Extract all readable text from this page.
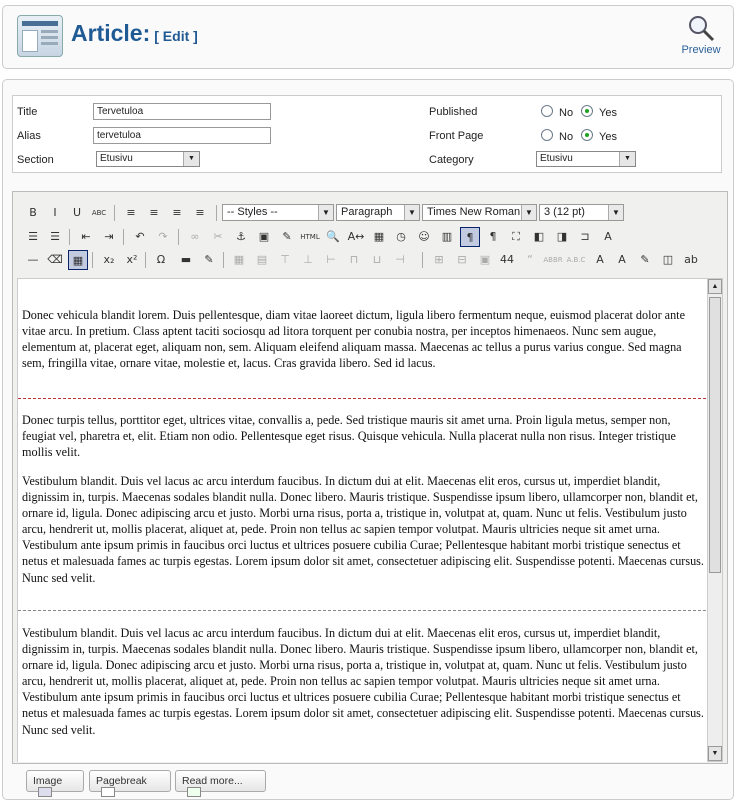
Article: [ Edit ]
Preview
Title
Tervetuloa
Alias
tervetuloa
Section	Etusivu	▼
Published	No Yes
Front Page	No Yes
Category	Etusivu	▼
-- Styles --	▼	Paragraph	▼	Times New Roman ▼	3 (12 pt)	▼
B	I	U	ABC	≡	≡	≡	≡
☰	☰	⇤	⇥	↶	↷	∞	✂	⚓	▣	✎	HTML 🔍 A↔ ▦	◷	☺	▥	¶	¶	⛶	◧	◨	⊐	A
— ⌫ ▦	x₂	x²	Ω	▬	✎	▦	▤	⊤	⊥	⊢	⊓	⊔	⊣	⊞	⊟	▣ 44	“	ABBR A.B.C A	A	✎	◫ ab

Donec vehicula blandit lorem. Duis pellentesque, diam vitae laoreet dictum, ligula libero fermentum neque, euismod placerat dolor ante vitae arcu. In pretium. Class aptent taciti sociosqu ad litora torquent per conubia nostra, per inceptos himenaeos. Nunc sem augue, elementum at, placerat eget, aliquam non, sem. Aliquam eleifend aliquam massa. Maecenas ac tellus a purus varius congue. Sed magna sem, fringilla vitae, ornare vitae, molestie et, lacus. Cras gravida libero. Sed id lacus.

Donec turpis tellus, porttitor eget, ultrices vitae, convallis a, pede. Sed tristique mauris sit amet urna. Proin ligula metus, semper non, feugiat vel, pharetra et, elit. Etiam non odio. Pellentesque eget risus. Quisque vehicula. Nulla placerat nulla non risus. Integer tristique mollis velit.

Vestibulum blandit. Duis vel lacus ac arcu interdum faucibus. In dictum dui at elit. Maecenas elit eros, cursus ut, imperdiet blandit, dignissim in, turpis. Maecenas sodales blandit nulla. Donec libero. Mauris tristique. Suspendisse ipsum libero, ullamcorper non, blandit et, ornare id, ligula. Donec adipiscing arcu et justo. Morbi urna risus, porta a, tristique in, volutpat at, quam. Nunc ut felis. Vestibulum justo arcu, hendrerit ut, mollis placerat, aliquet at, pede. Proin non tellus ac sapien tempor volutpat. Mauris ultricies neque sit amet urna. Vestibulum ante ipsum primis in faucibus orci luctus et ultrices posuere cubilia Curae; Pellentesque habitant morbi tristique senectus et netus et malesuada fames ac turpis egestas. Lorem ipsum dolor sit amet, consectetuer adipiscing elit. Suspendisse potenti. Maecenas cursus. Nunc sed velit.

Vestibulum blandit. Duis vel lacus ac arcu interdum faucibus. In dictum dui at elit. Maecenas elit eros, cursus ut, imperdiet blandit, dignissim in, turpis. Maecenas sodales blandit nulla. Donec libero. Mauris tristique. Suspendisse ipsum libero, ullamcorper non, blandit et, ornare id, ligula. Donec adipiscing arcu et justo. Morbi urna risus, porta a, tristique in, volutpat at, quam. Nunc ut felis. Vestibulum justo arcu, hendrerit ut, mollis placerat, aliquet at, pede. Proin non tellus ac sapien tempor volutpat. Mauris ultricies neque sit amet urna. Vestibulum ante ipsum primis in faucibus orci luctus et ultrices posuere cubilia Curae; Pellentesque habitant morbi tristique senectus et netus et malesuada fames ac turpis egestas. Lorem ipsum dolor sit amet, consectetuer adipiscing elit. Suspendisse potenti. Maecenas cursus. Nunc sed velit.

▲
▼
Image	Pagebreak	Read more...
